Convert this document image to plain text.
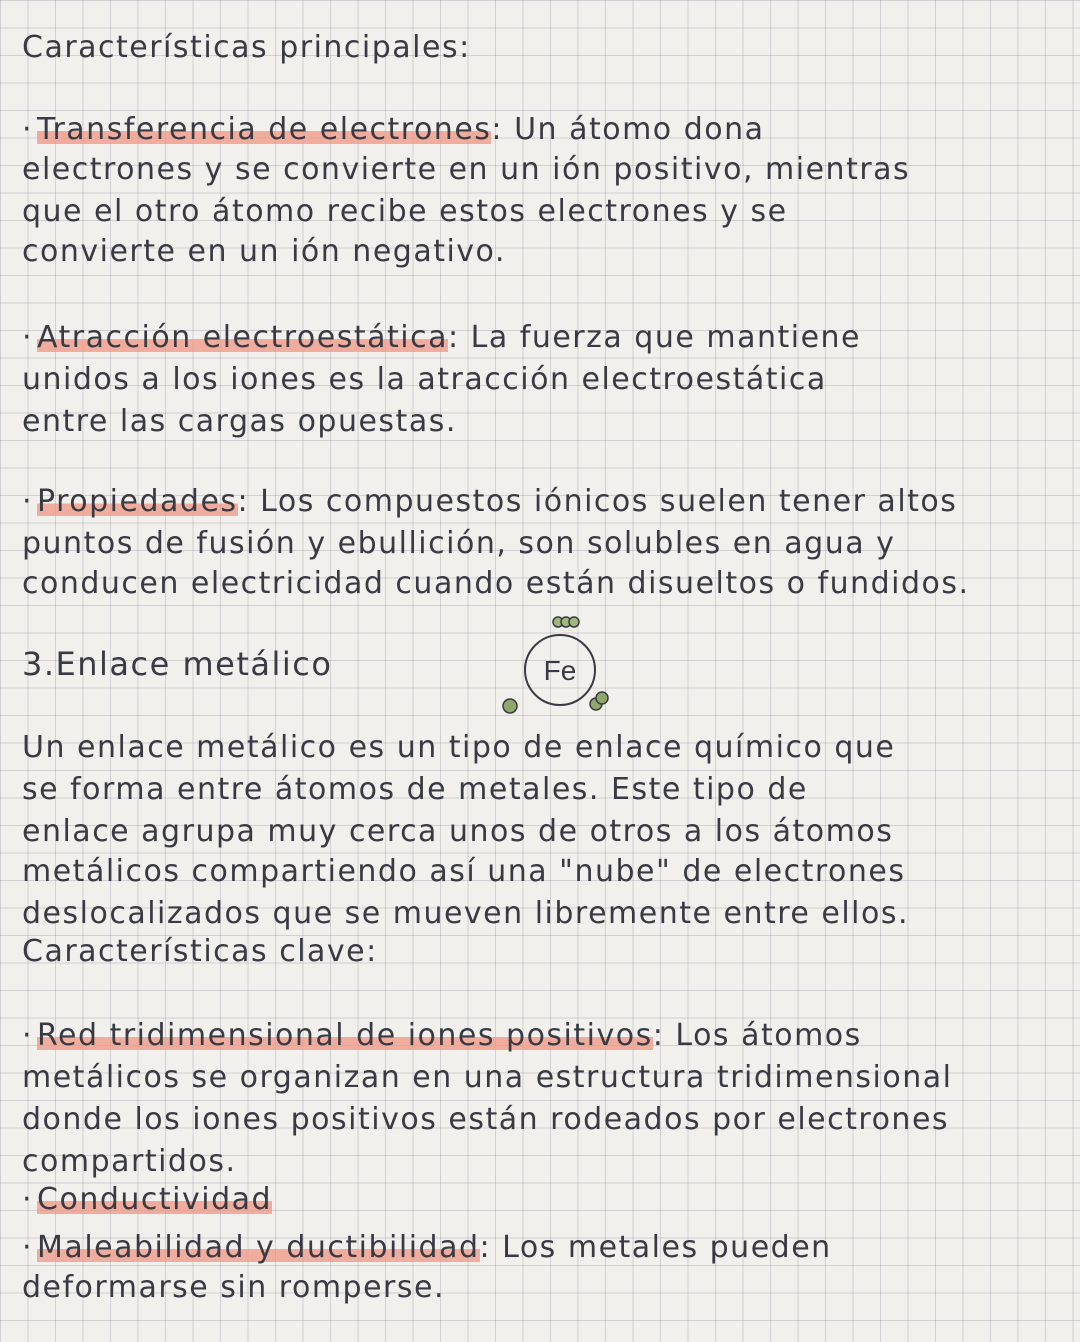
Características principales:
· Transferencia de electrones: Un átomo dona
electrones y se convierte en un ión positivo, mientras
que el otro átomo recibe estos electrones y se
convierte en un ión negativo.
· Atracción electroestática: La fuerza que mantiene
unidos a los iones es la atracción electroestática
entre las cargas opuestas.
· Propiedades: Los compuestos iónicos suelen tener altos
puntos de fusión y ebullición, son solubles en agua y
conducen electricidad cuando están disueltos o fundidos.
3.Enlace metálico	Fe
Un enlace metálico es un tipo de enlace químico que
se forma entre átomos de metales. Este tipo de
enlace agrupa muy cerca unos de otros a los átomos
metálicos compartiendo así una "nube" de electrones
deslocalizados que se mueven libremente entre ellos.
Características clave:
· Red tridimensional de iones positivos: Los átomos
metálicos se organizan en una estructura tridimensional
donde los iones positivos están rodeados por electrones
compartidos.
· Conductividad
· Maleabilidad y ductibilidad: Los metales pueden
deformarse sin romperse.
